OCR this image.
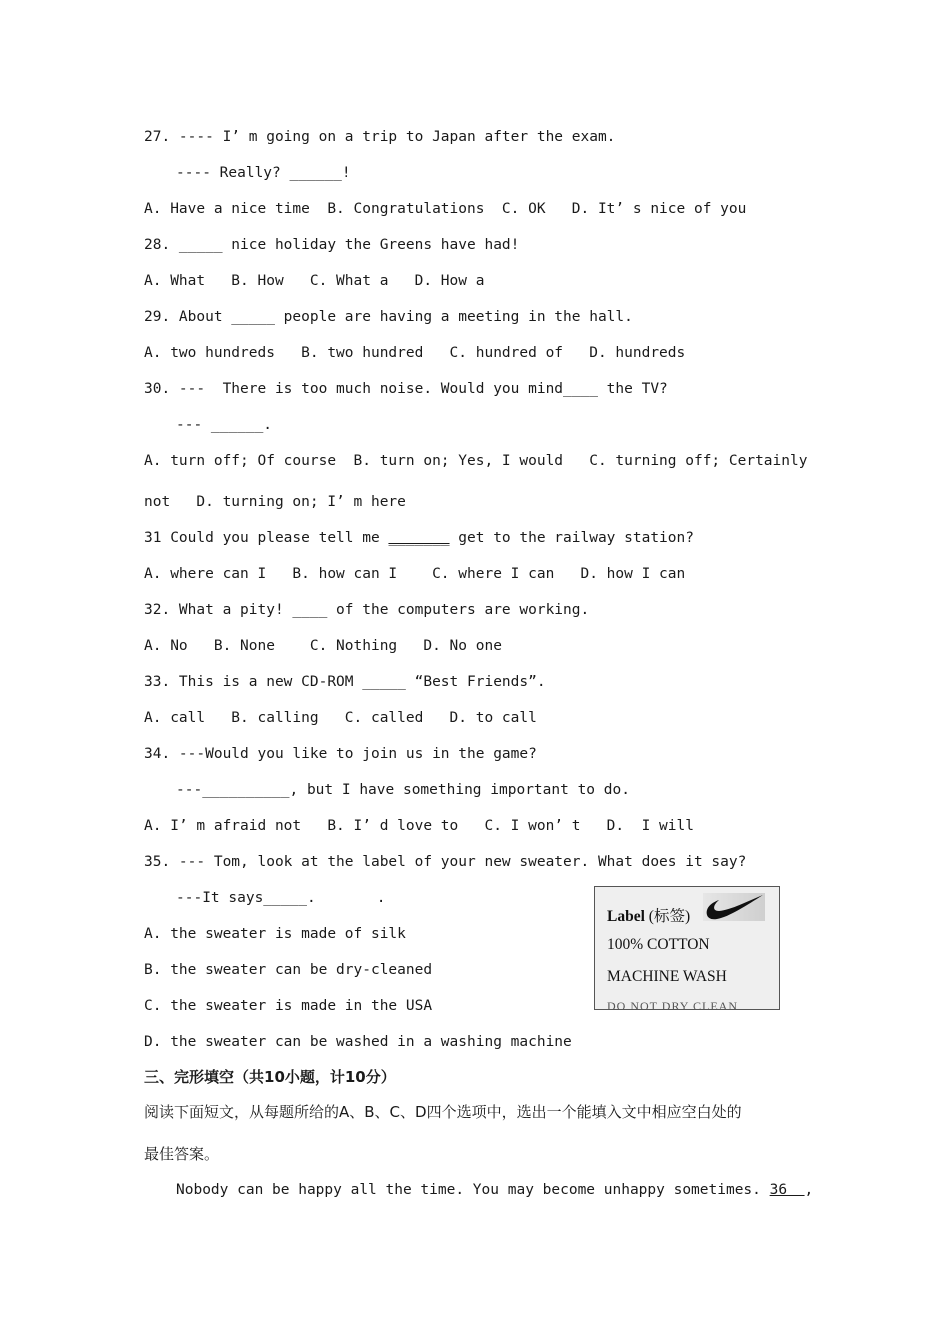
27. ---- I’ m going on a trip to Japan after the exam.
---- Really? ______!
A. Have a nice time  B. Congratulations  C. OK   D. It’ s nice of you
28. _____ nice holiday the Greens have had!
A. What   B. How   C. What a   D. How a
29. About _____ people are having a meeting in the hall.
A. two hundreds   B. two hundred   C. hundred of   D. hundreds
30. ---  There is too much noise. Would you mind____ the TV?
--- ______.
A. turn off; Of course  B. turn on; Yes, I would   C. turning off; Certainly
not   D. turning on; I’ m here
31 Could you please tell me _______ get to the railway station?
A. where can I   B. how can I    C. where I can   D. how I can
32. What a pity! ____ of the computers are working.
A. No   B. None    C. Nothing   D. No one
33. This is a new CD-ROM _____ “Best Friends”.
A. call   B. calling   C. called   D. to call
34. ---Would you like to join us in the game?
---__________, but I have something important to do.
A. I’ m afraid not   B. I’ d love to   C. I won’ t   D.  I will
35. --- Tom, look at the label of your new sweater. What does it say?
---It says_____.       .
A. the sweater is made of silk
B. the sweater can be dry-cleaned
C. the sweater is made in the USA
D. the sweater can be washed in a washing machine
Label (标签)
100% COTTON
MACHINE WASH
DO NOT DRY CLEAN
三、完形填空（共10小题，计10分）
阅读下面短文，从每题所给的A、B、C、D四个选项中，选出一个能填入文中相应空白处的
最佳答案。
Nobody can be happy all the time. You may become unhappy sometimes. 36  ,
